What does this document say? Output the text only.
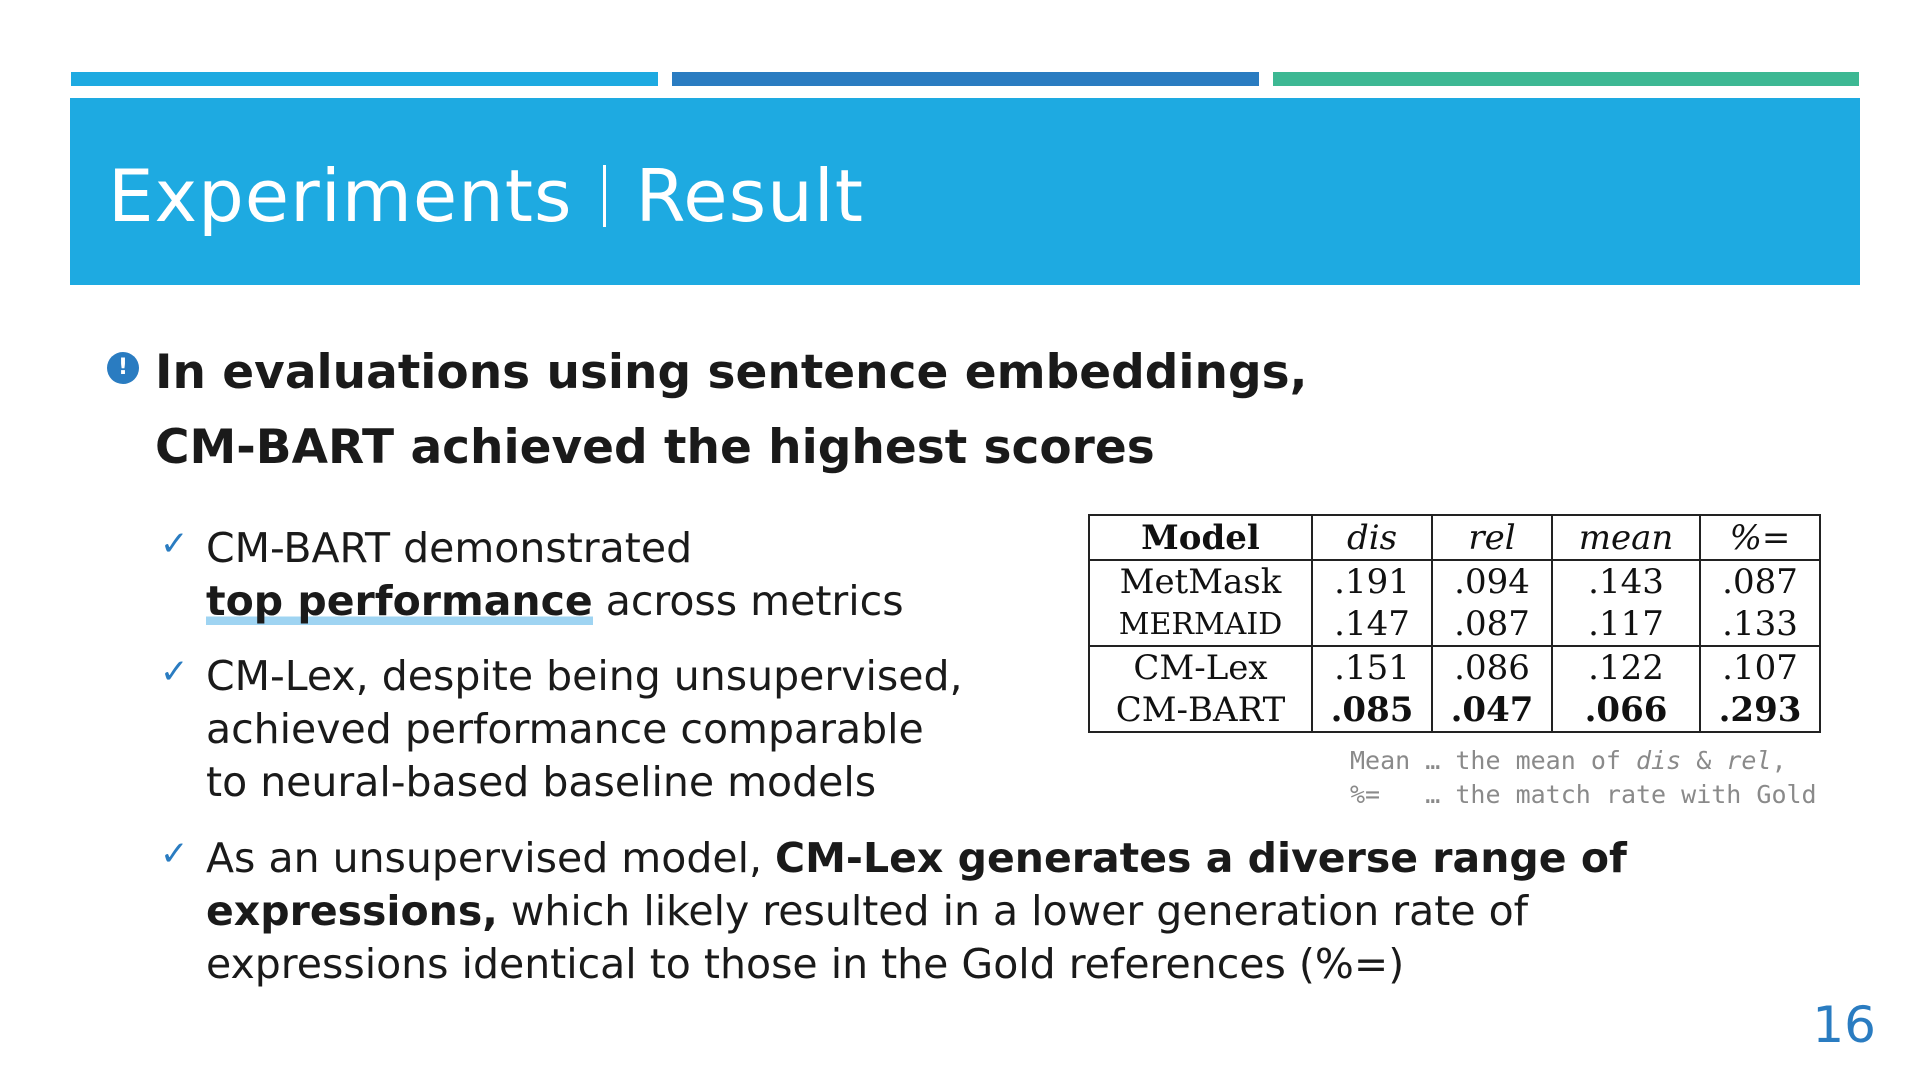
Experiments Result
! In evaluations using sentence embeddings,
CM-BART achieved the highest scores
✓ CM-BART demonstrated
top performance across metrics
✓ CM-Lex, despite being unsupervised,
achieved performance comparable
to neural-based baseline models
✓ As an unsupervised model, CM-Lex generates a diverse range of expressions, which likely resulted in a lower generation rate of expressions identical to those in the Gold references (%=)
Model	dis	rel	mean	%=
MetMask	.191	.094	.143	.087
MERMAID	.147	.087	.117	.133
CM-Lex	.151	.086	.122	.107
CM-BART	.085	.047	.066	.293
Mean … the mean of dis & rel,
%=   … the match rate with Gold
16
